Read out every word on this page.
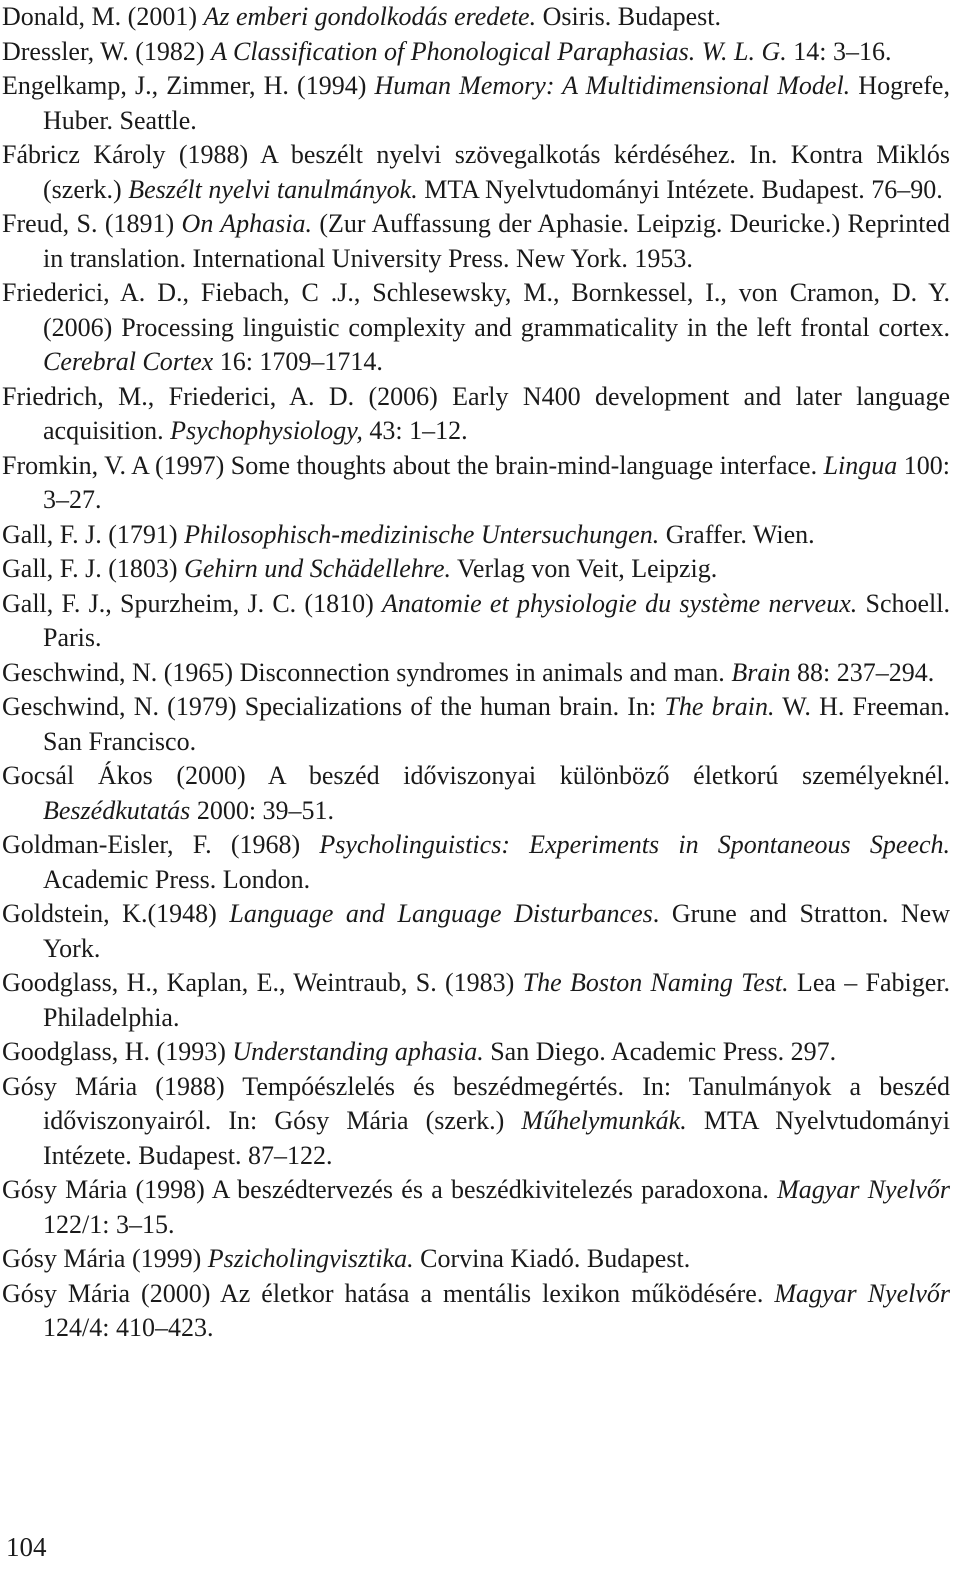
Donald, M. (2001) Az emberi gondolkodás eredete. Osiris. Budapest.

Dressler, W. (1982) A Classification of Phonological Paraphasias. W. L. G. 14: 3–16.

Engelkamp, J., Zimmer, H. (1994) Human Memory: A Multidimensional Model. Hogrefe, Huber. Seattle.

Fábricz Károly (1988) A beszélt nyelvi szövegalkotás kérdéséhez. In. Kontra Miklós (szerk.) Beszélt nyelvi tanulmányok. MTA Nyelvtudományi Intézete. Budapest. 76–90.

Freud, S. (1891) On Aphasia. (Zur Auffassung der Aphasie. Leipzig. Deuricke.) Reprinted in translation. International University Press. New York. 1953.

Friederici, A. D., Fiebach, C .J., Schlesewsky, M., Bornkessel, I., von Cramon, D. Y. (2006) Processing linguistic complexity and grammaticality in the left frontal cortex. Cerebral Cortex 16: 1709–1714.

Friedrich, M., Friederici, A. D. (2006) Early N400 development and later language acquisition. Psychophysiology, 43: 1–12.

Fromkin, V. A (1997) Some thoughts about the brain-mind-language interface. Lingua 100: 3–27.

Gall, F. J. (1791) Philosophisch-medizinische Untersuchungen. Graffer. Wien.

Gall, F. J. (1803) Gehirn und Schädellehre. Verlag von Veit, Leipzig.

Gall, F. J., Spurzheim, J. C. (1810) Anatomie et physiologie du système nerveux. Schoell. Paris.

Geschwind, N. (1965) Disconnection syndromes in animals and man. Brain 88: 237–294.

Geschwind, N. (1979) Specializations of the human brain. In: The brain. W. H. Freeman. San Francisco.

Gocsál Ákos (2000) A beszéd időviszonyai különböző életkorú személyeknél. Beszédkutatás 2000: 39–51.

Goldman-Eisler, F. (1968) Psycholinguistics: Experiments in Spontaneous Speech. Academic Press. London.

Goldstein, K.(1948) Language and Language Disturbances. Grune and Stratton. New York.

Goodglass, H., Kaplan, E., Weintraub, S. (1983) The Boston Naming Test. Lea – Fabiger. Philadelphia.

Goodglass, H. (1993) Understanding aphasia. San Diego. Academic Press. 297.

Gósy Mária (1988) Tempóészlelés és beszédmegértés. In: Tanulmányok a beszéd időviszonyairól. In: Gósy Mária (szerk.) Műhelymunkák. MTA Nyelvtudományi Intézete. Budapest. 87–122.

Gósy Mária (1998) A beszédtervezés és a beszédkivitelezés paradoxona. Magyar Nyelvőr 122/1: 3–15.

Gósy Mária (1999) Pszicholingvisztika. Corvina Kiadó. Budapest.

Gósy Mária (2000) Az életkor hatása a mentális lexikon működésére. Magyar Nyelvőr 124/4: 410–423.

104
